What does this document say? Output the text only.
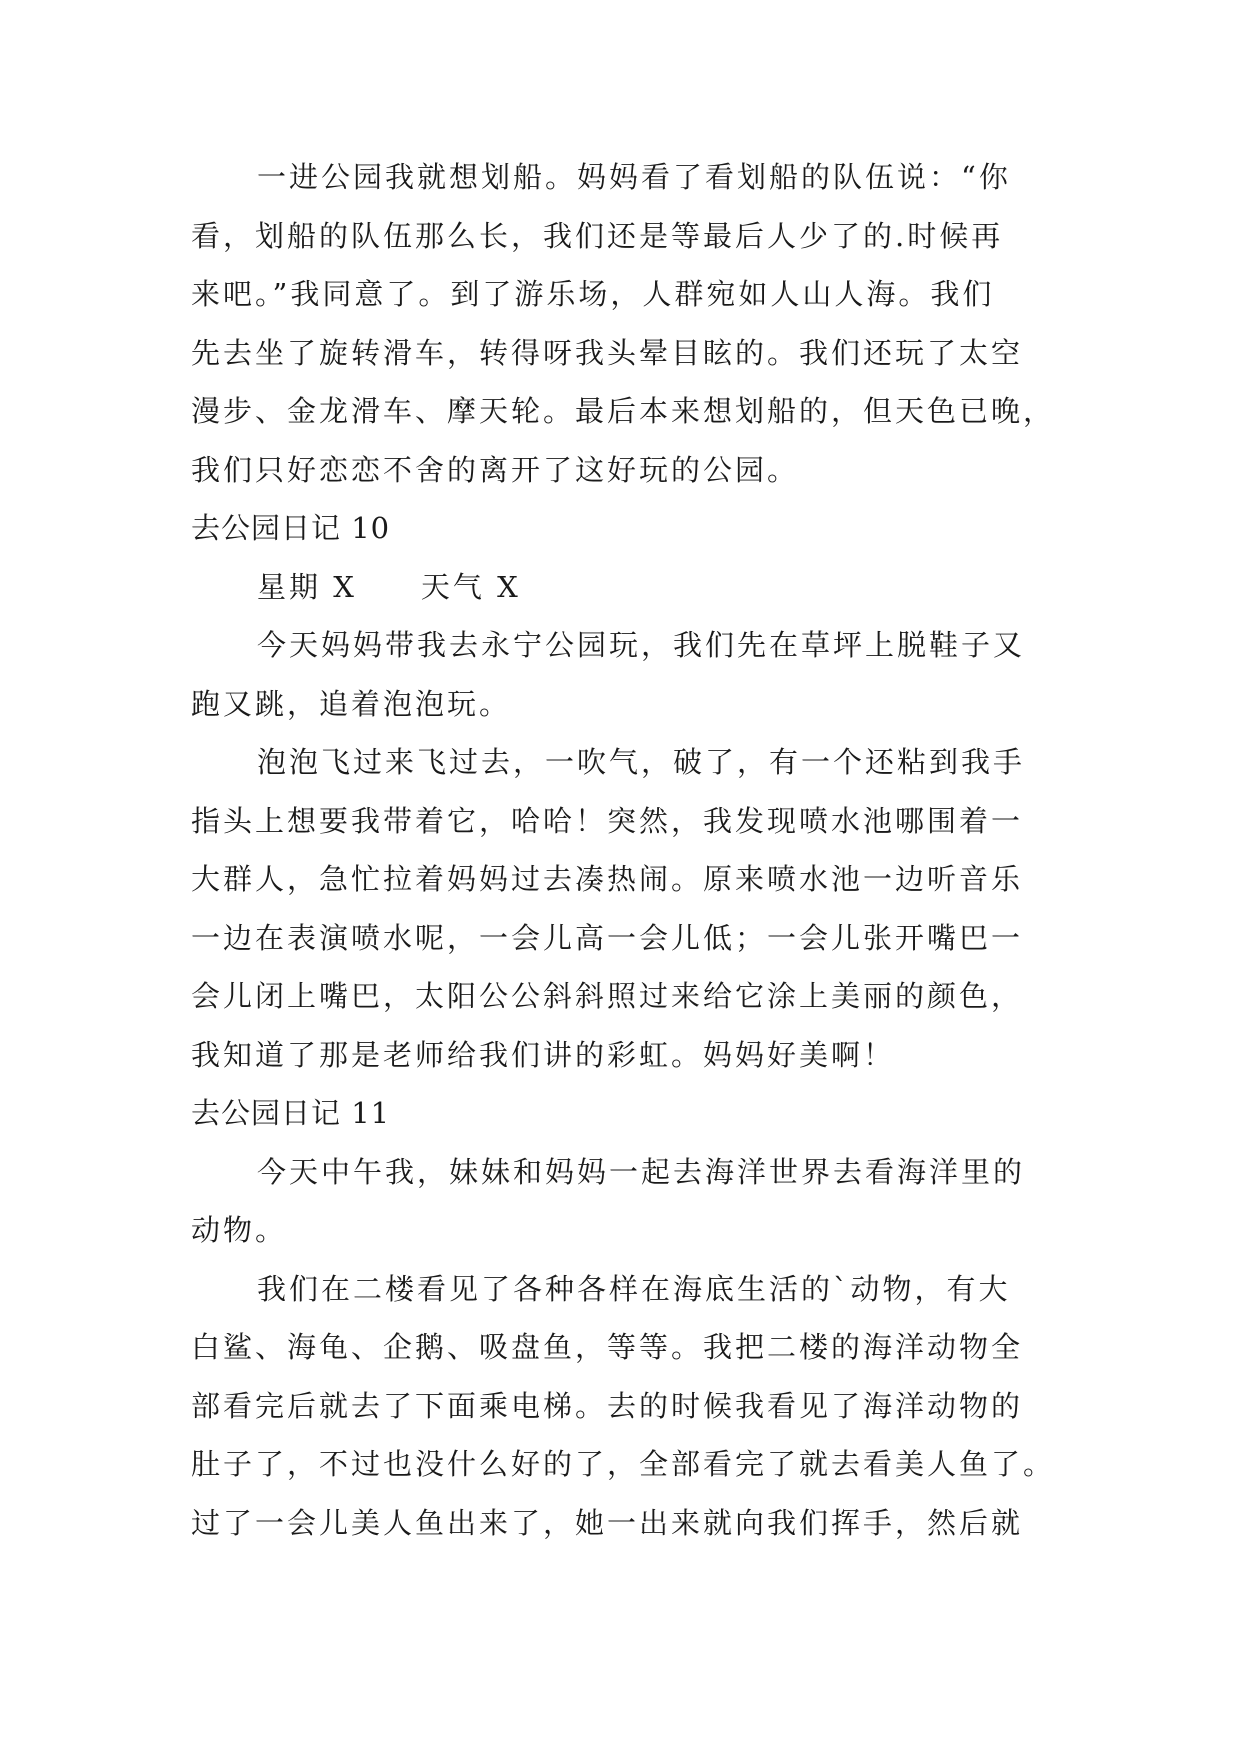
一进公园我就想划船。妈妈看了看划船的队伍说：“你
看，划船的队伍那么长，我们还是等最后人少了的.时候再
来吧。”我同意了。到了游乐场，人群宛如人山人海。我们
先去坐了旋转滑车，转得呀我头晕目眩的。我们还玩了太空
漫步、金龙滑车、摩天轮。最后本来想划船的，但天色已晚，
我们只好恋恋不舍的离开了这好玩的公园。
去公园日记 10
星期 X　　天气 X
今天妈妈带我去永宁公园玩，我们先在草坪上脱鞋子又
跑又跳，追着泡泡玩。
泡泡飞过来飞过去，一吹气，破了，有一个还粘到我手
指头上想要我带着它，哈哈！突然，我发现喷水池哪围着一
大群人，急忙拉着妈妈过去凑热闹。原来喷水池一边听音乐
一边在表演喷水呢，一会儿高一会儿低；一会儿张开嘴巴一
会儿闭上嘴巴，太阳公公斜斜照过来给它涂上美丽的颜色，
我知道了那是老师给我们讲的彩虹。妈妈好美啊！
去公园日记 11
今天中午我，妹妹和妈妈一起去海洋世界去看海洋里的
动物。
我们在二楼看见了各种各样在海底生活的`动物，有大
白鲨、海龟、企鹅、吸盘鱼，等等。我把二楼的海洋动物全
部看完后就去了下面乘电梯。去的时候我看见了海洋动物的
肚子了，不过也没什么好的了，全部看完了就去看美人鱼了。
过了一会儿美人鱼出来了，她一出来就向我们挥手，然后就
